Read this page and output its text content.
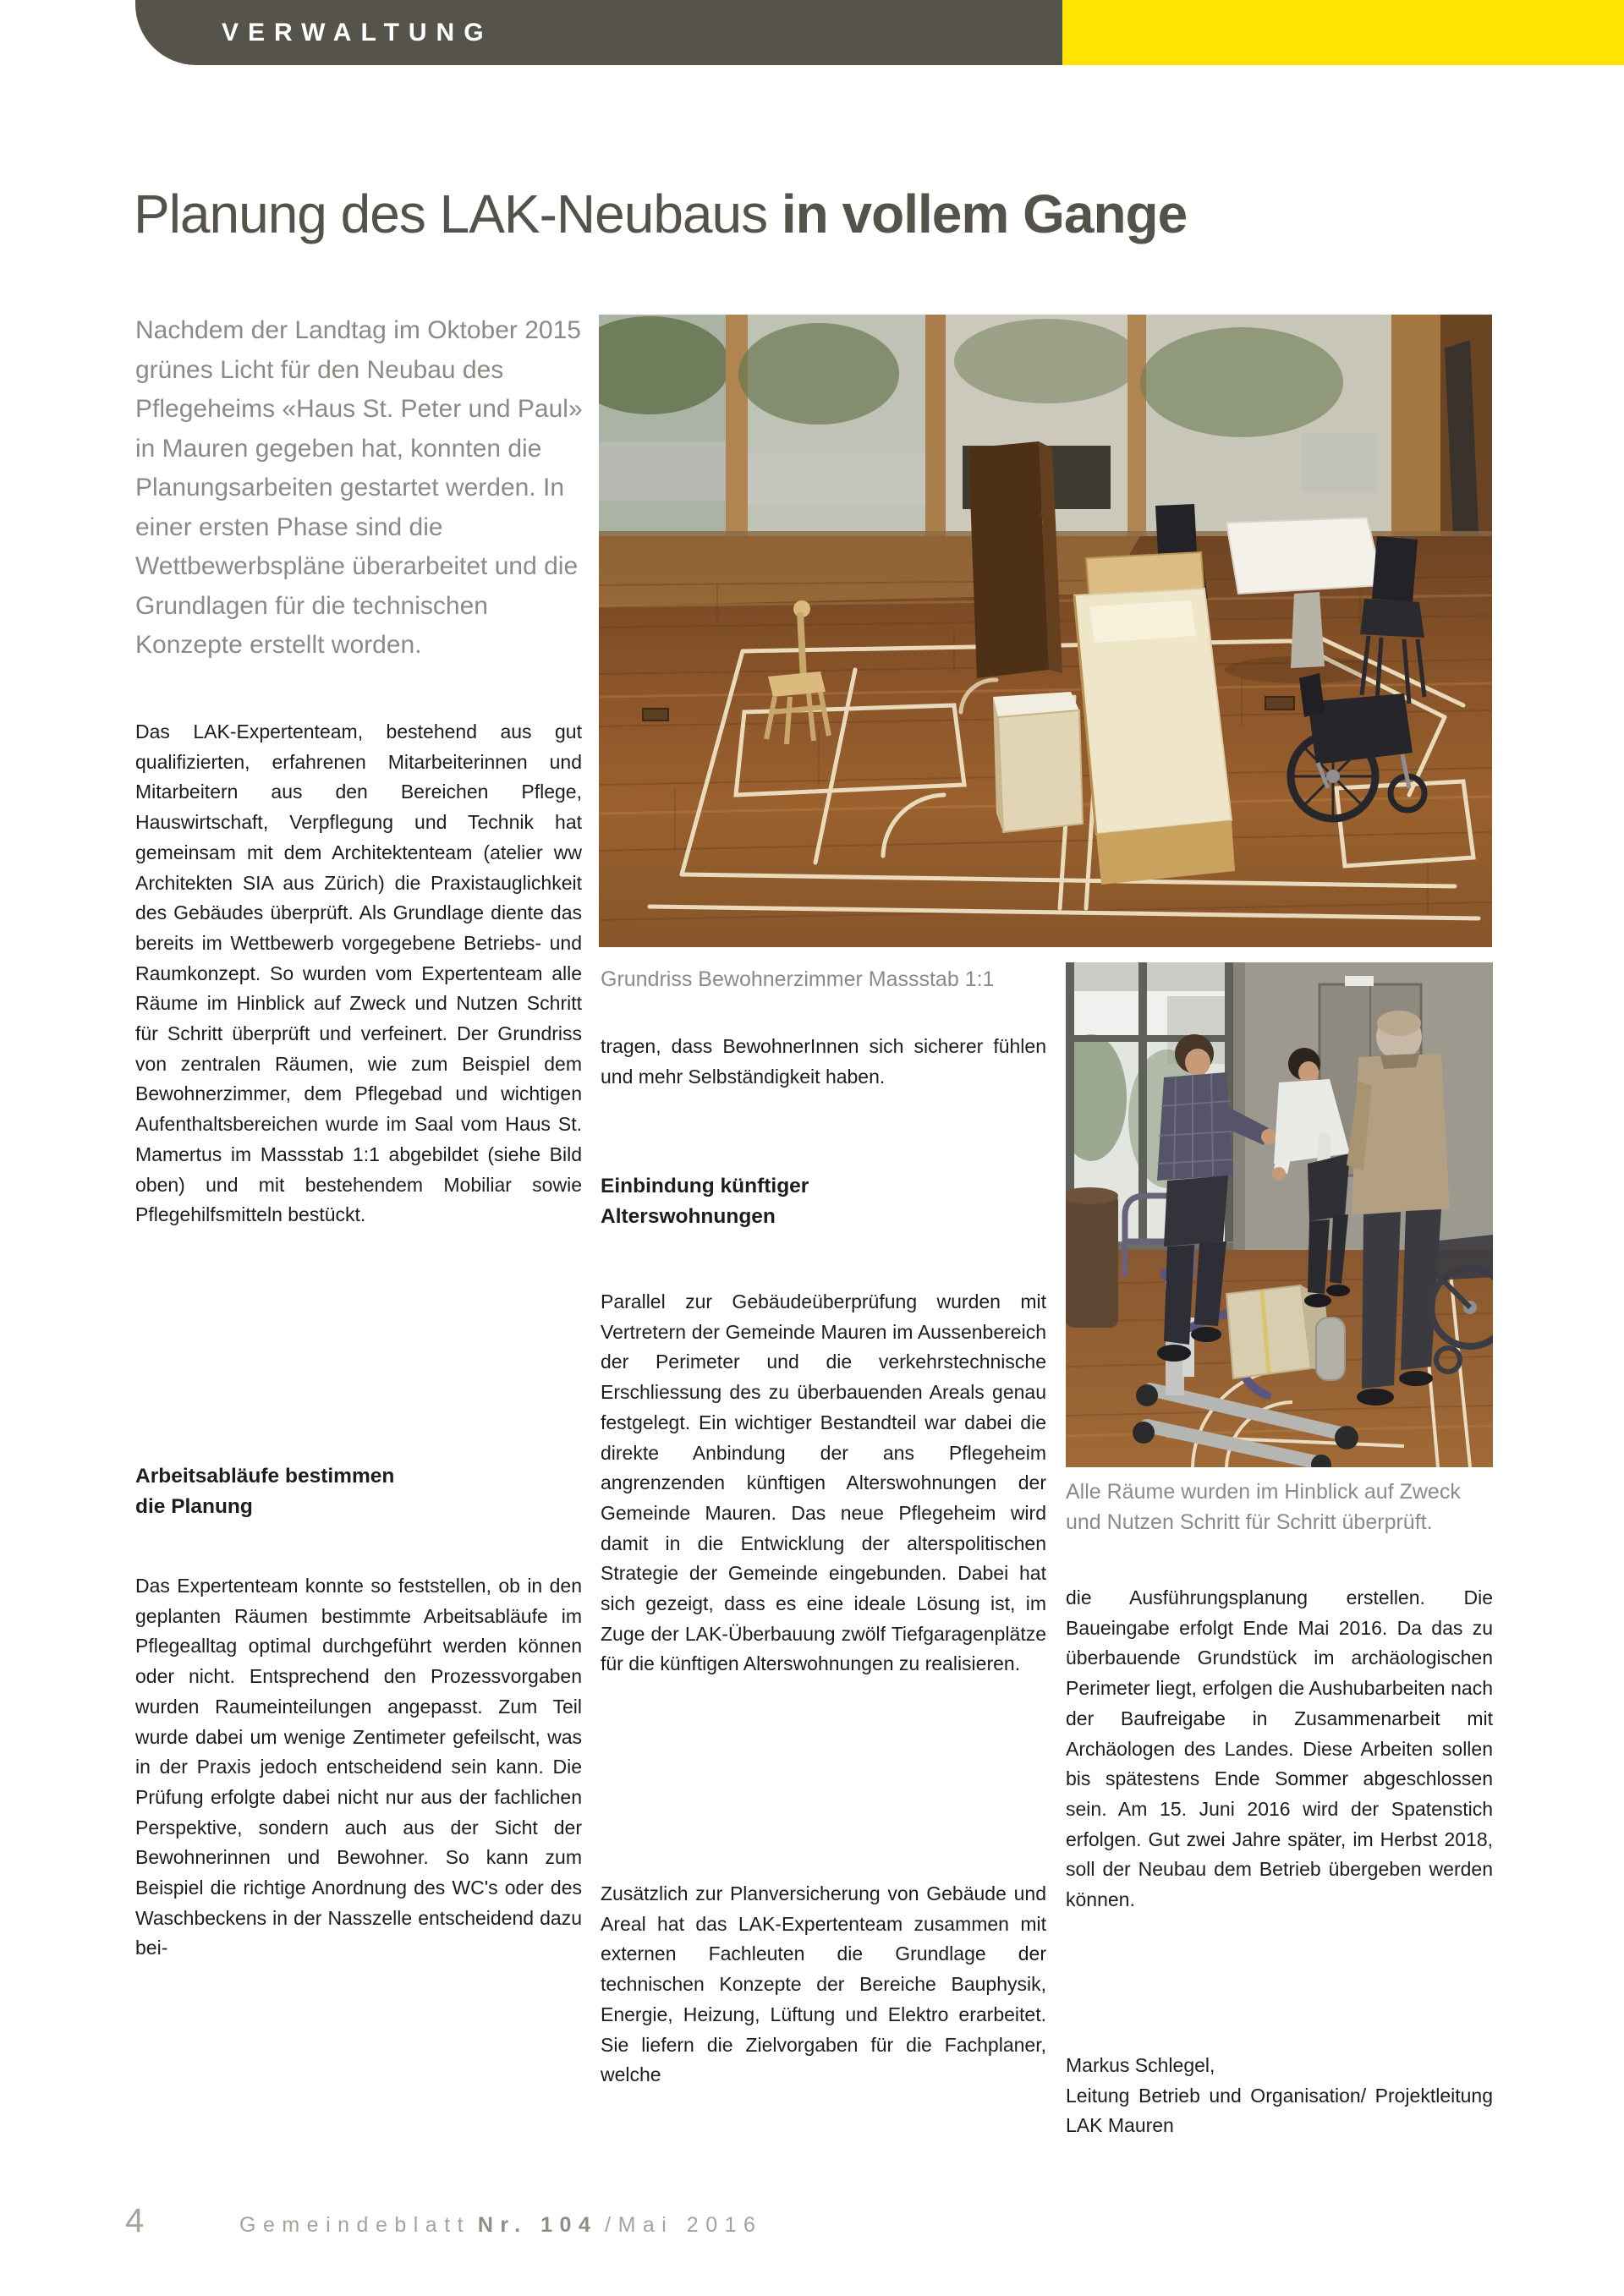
VERWALTUNG
Planung des LAK-Neubaus in vollem Gange
Nachdem der Landtag im Oktober 2015 grünes Licht für den Neubau des Pflegeheims «Haus St. Peter und Paul» in Mauren gegeben hat, konnten die Planungsarbeiten gestartet werden. In einer ersten Phase sind die Wettbewerbspläne überarbeitet und die Grundlagen für die technischen Konzepte erstellt worden.
Grundriss Bewohnerzimmer Massstab 1:1
Das LAK-Expertenteam, bestehend aus gut qualifizierten, erfahrenen Mitarbeiterinnen und Mitarbeitern aus den Bereichen Pflege, Hauswirtschaft, Verpflegung und Technik hat gemeinsam mit dem Architektenteam (atelier ww Architekten SIA aus Zürich) die Praxistauglichkeit des Gebäudes überprüft. Als Grundlage diente das bereits im Wettbewerb vorgegebene Betriebs- und Raumkonzept. So wurden vom Expertenteam alle Räume im Hinblick auf Zweck und Nutzen Schritt für Schritt überprüft und verfeinert. Der Grundriss von zentralen Räumen, wie zum Beispiel dem Bewohnerzimmer, dem Pflegebad und wichtigen Aufenthaltsbereichen wurde im Saal vom Haus St. Mamertus im Massstab 1:1 abgebildet (siehe Bild oben) und mit bestehendem Mobiliar sowie Pflegehilfsmitteln bestückt.
Arbeitsabläufe bestimmen
die Planung
Das Expertenteam konnte so feststellen, ob in den geplanten Räumen bestimmte Arbeitsabläufe im Pflegealltag optimal durchgeführt werden können oder nicht. Entsprechend den Prozessvorgaben wurden Raumeinteilungen angepasst. Zum Teil wurde dabei um wenige Zentimeter gefeilscht, was in der Praxis jedoch entscheidend sein kann. Die Prüfung erfolgte dabei nicht nur aus der fachlichen Perspektive, sondern auch aus der Sicht der Bewohnerinnen und Bewohner. So kann zum Beispiel die richtige Anordnung des WC's oder des Waschbeckens in der Nasszelle entscheidend dazu bei-
tragen, dass BewohnerInnen sich sicherer fühlen und mehr Selbständigkeit haben.
Einbindung künftiger
Alterswohnungen
Parallel zur Gebäudeüberprüfung wurden mit Vertretern der Gemeinde Mauren im Aussenbereich der Perimeter und die verkehrstechnische Erschliessung des zu überbauenden Areals genau festgelegt. Ein wichtiger Bestandteil war dabei die direkte Anbindung der ans Pflegeheim angrenzenden künftigen Alterswohnungen der Gemeinde Mauren. Das neue Pflegeheim wird damit in die Entwicklung der alterspolitischen Strategie der Gemeinde eingebunden. Dabei hat sich gezeigt, dass es eine ideale Lösung ist, im Zuge der LAK-Überbauung zwölf Tiefgaragenplätze für die künftigen Alterswohnungen zu realisieren.
Zusätzlich zur Planversicherung von Gebäude und Areal hat das LAK-Expertenteam zusammen mit externen Fachleuten die Grundlage der technischen Konzepte der Bereiche Bauphysik, Energie, Heizung, Lüftung und Elektro erarbeitet. Sie liefern die Zielvorgaben für die Fachplaner, welche
Alle Räume wurden im Hinblick auf Zweck und Nutzen Schritt für Schritt überprüft.
die Ausführungsplanung erstellen. Die Baueingabe erfolgt Ende Mai 2016. Da das zu überbauende Grundstück im archäologischen Perimeter liegt, erfolgen die Aushubarbeiten nach der Baufreigabe in Zusammenarbeit mit Archäologen des Landes. Diese Arbeiten sollen bis spätestens Ende Sommer abgeschlossen sein. Am 15. Juni 2016 wird der Spatenstich erfolgen. Gut zwei Jahre später, im Herbst 2018, soll der Neubau dem Betrieb übergeben werden können.
Markus Schlegel,
Leitung Betrieb und Organisation/ Projektleitung LAK Mauren
4	Gemeindeblatt Nr. 104 /Mai 2016
